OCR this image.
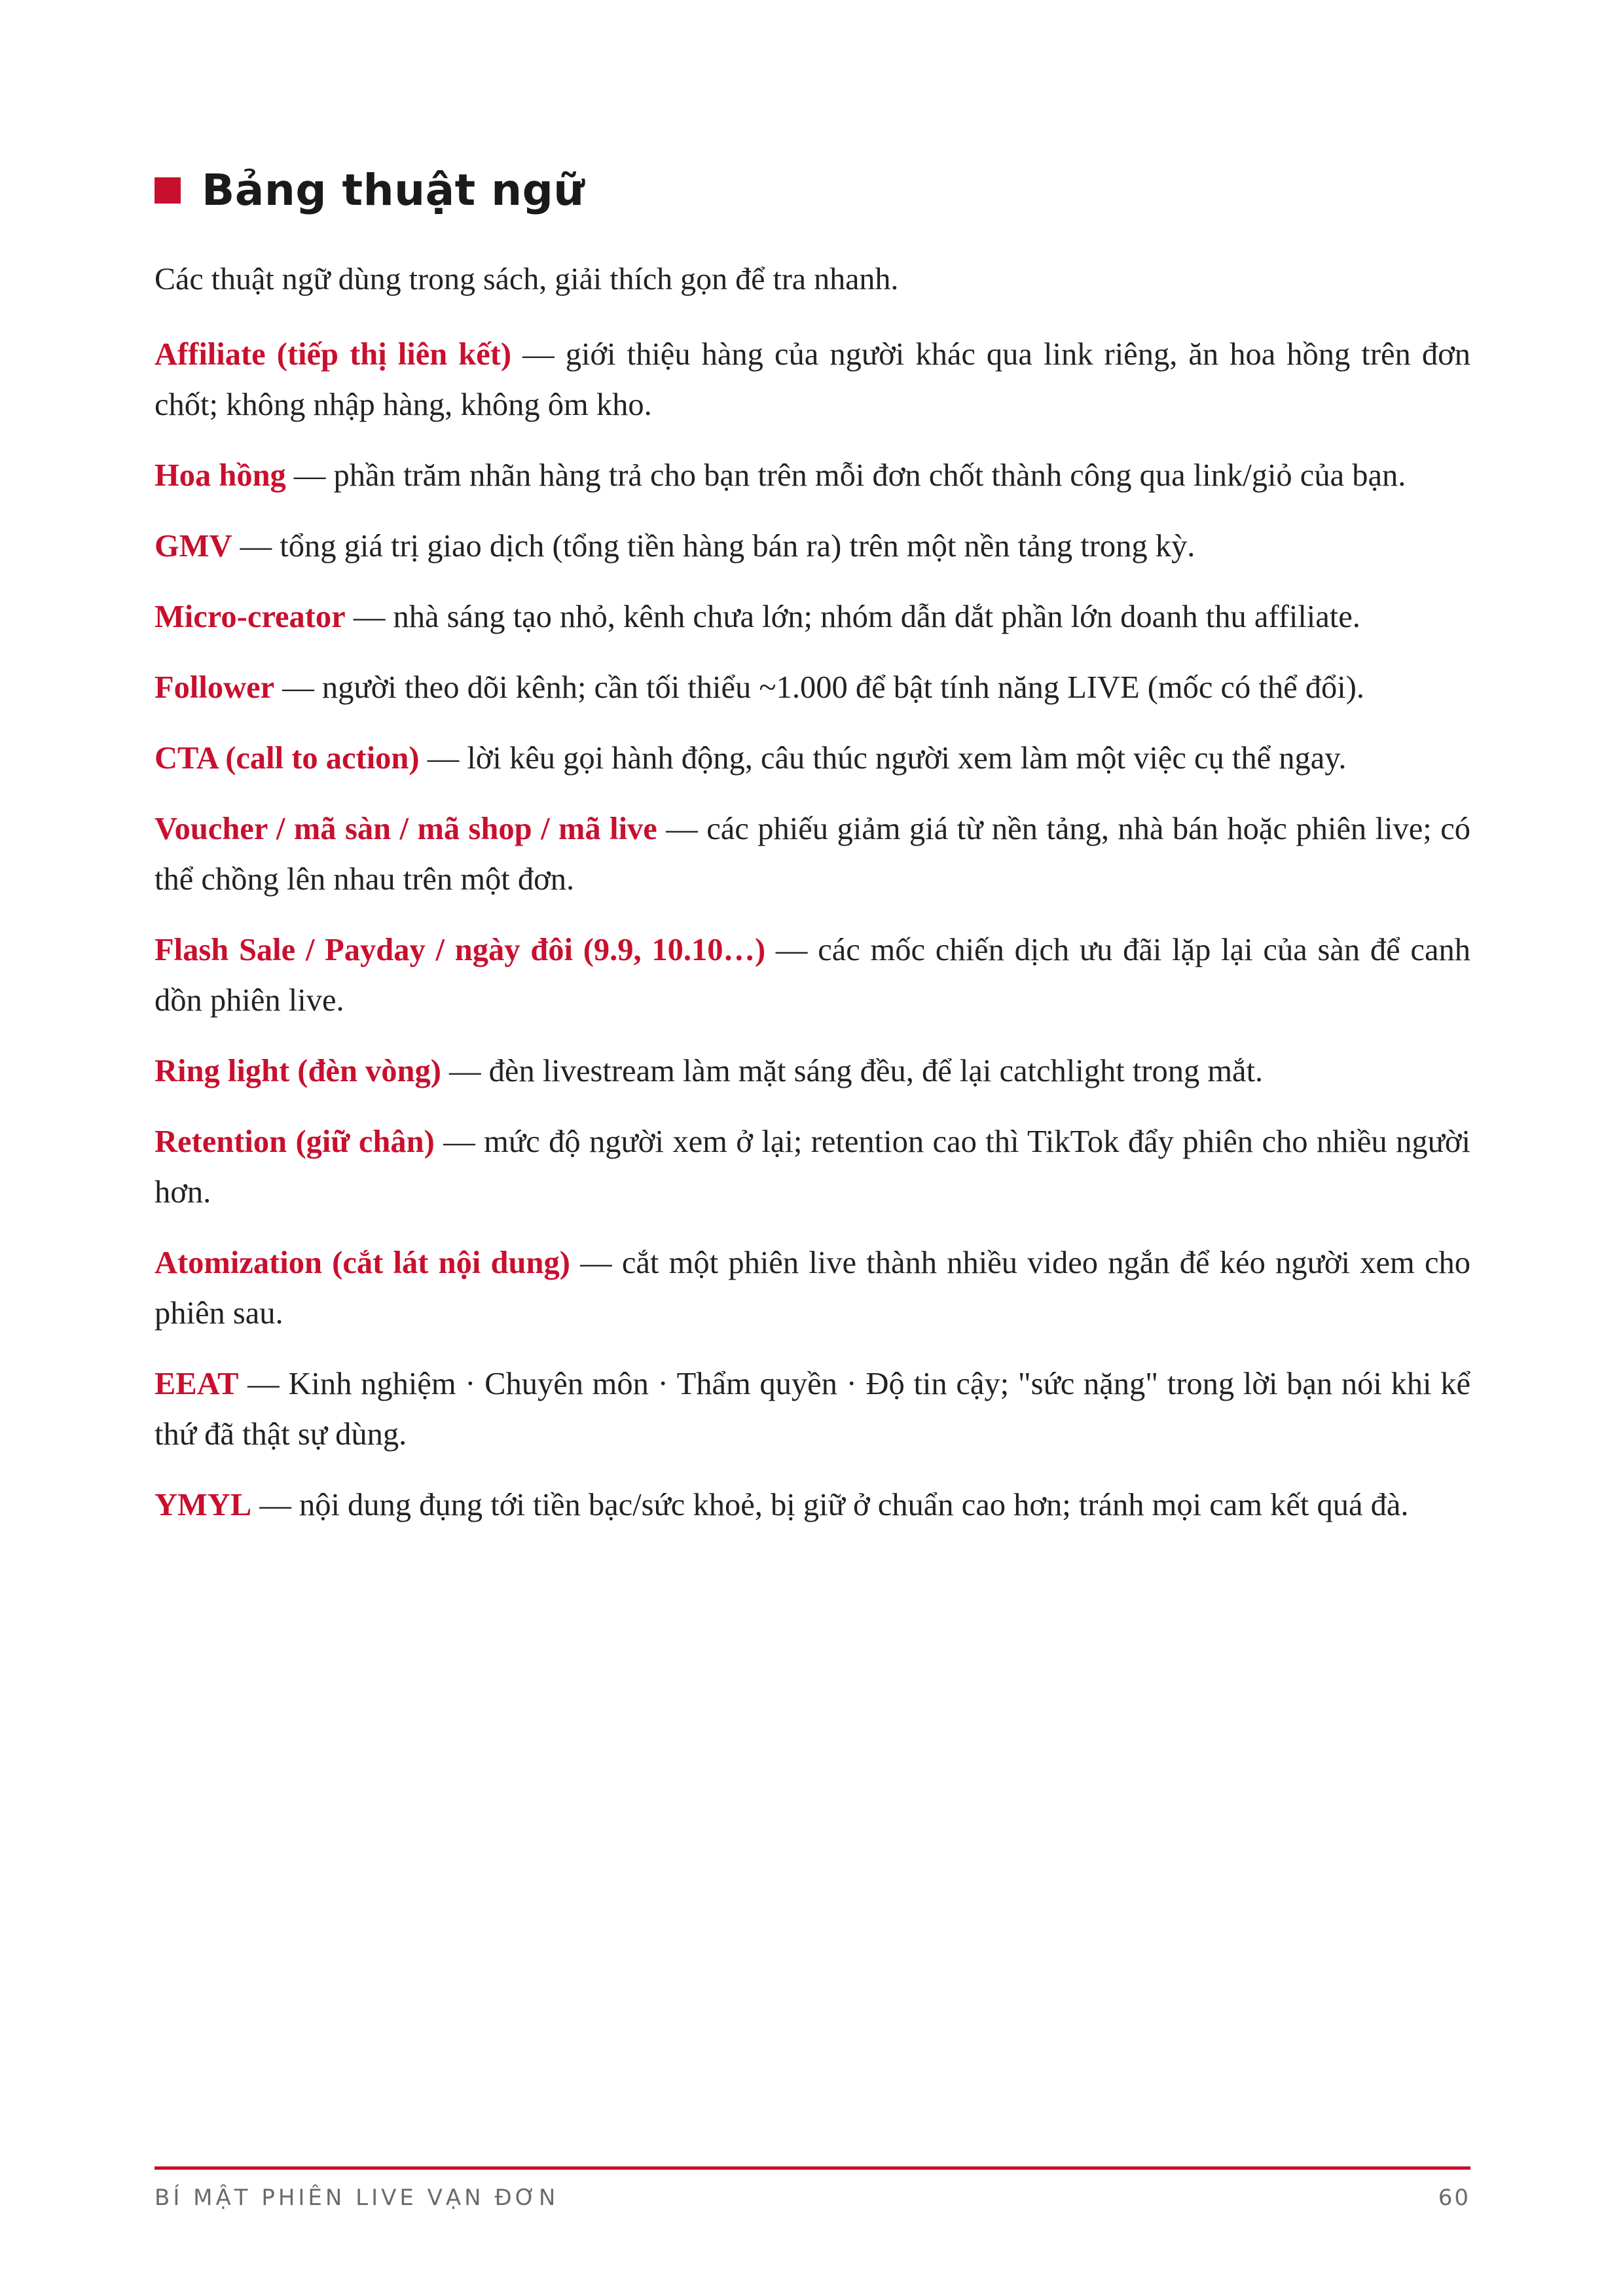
Bảng thuật ngữ

Các thuật ngữ dùng trong sách, giải thích gọn để tra nhanh.

Affiliate (tiếp thị liên kết) — giới thiệu hàng của người khác qua link riêng, ăn hoa hồng trên đơn chốt; không nhập hàng, không ôm kho.
Hoa hồng — phần trăm nhãn hàng trả cho bạn trên mỗi đơn chốt thành công qua link/giỏ của bạn.
GMV — tổng giá trị giao dịch (tổng tiền hàng bán ra) trên một nền tảng trong kỳ.
Micro-creator — nhà sáng tạo nhỏ, kênh chưa lớn; nhóm dẫn dắt phần lớn doanh thu affiliate.
Follower — người theo dõi kênh; cần tối thiểu ~1.000 để bật tính năng LIVE (mốc có thể đổi).
CTA (call to action) — lời kêu gọi hành động, câu thúc người xem làm một việc cụ thể ngay.
Voucher / mã sàn / mã shop / mã live — các phiếu giảm giá từ nền tảng, nhà bán hoặc phiên live; có thể chồng lên nhau trên một đơn.
Flash Sale / Payday / ngày đôi (9.9, 10.10…) — các mốc chiến dịch ưu đãi lặp lại của sàn để canh dồn phiên live.
Ring light (đèn vòng) — đèn livestream làm mặt sáng đều, để lại catchlight trong mắt.
Retention (giữ chân) — mức độ người xem ở lại; retention cao thì TikTok đẩy phiên cho nhiều người hơn.
Atomization (cắt lát nội dung) — cắt một phiên live thành nhiều video ngắn để kéo người xem cho phiên sau.
EEAT — Kinh nghiệm · Chuyên môn · Thẩm quyền · Độ tin cậy; "sức nặng" trong lời bạn nói khi kể thứ đã thật sự dùng.
YMYL — nội dung đụng tới tiền bạc/sức khoẻ, bị giữ ở chuẩn cao hơn; tránh mọi cam kết quá đà.
BÍ MẬT PHIÊN LIVE VẠN ĐƠN	60
